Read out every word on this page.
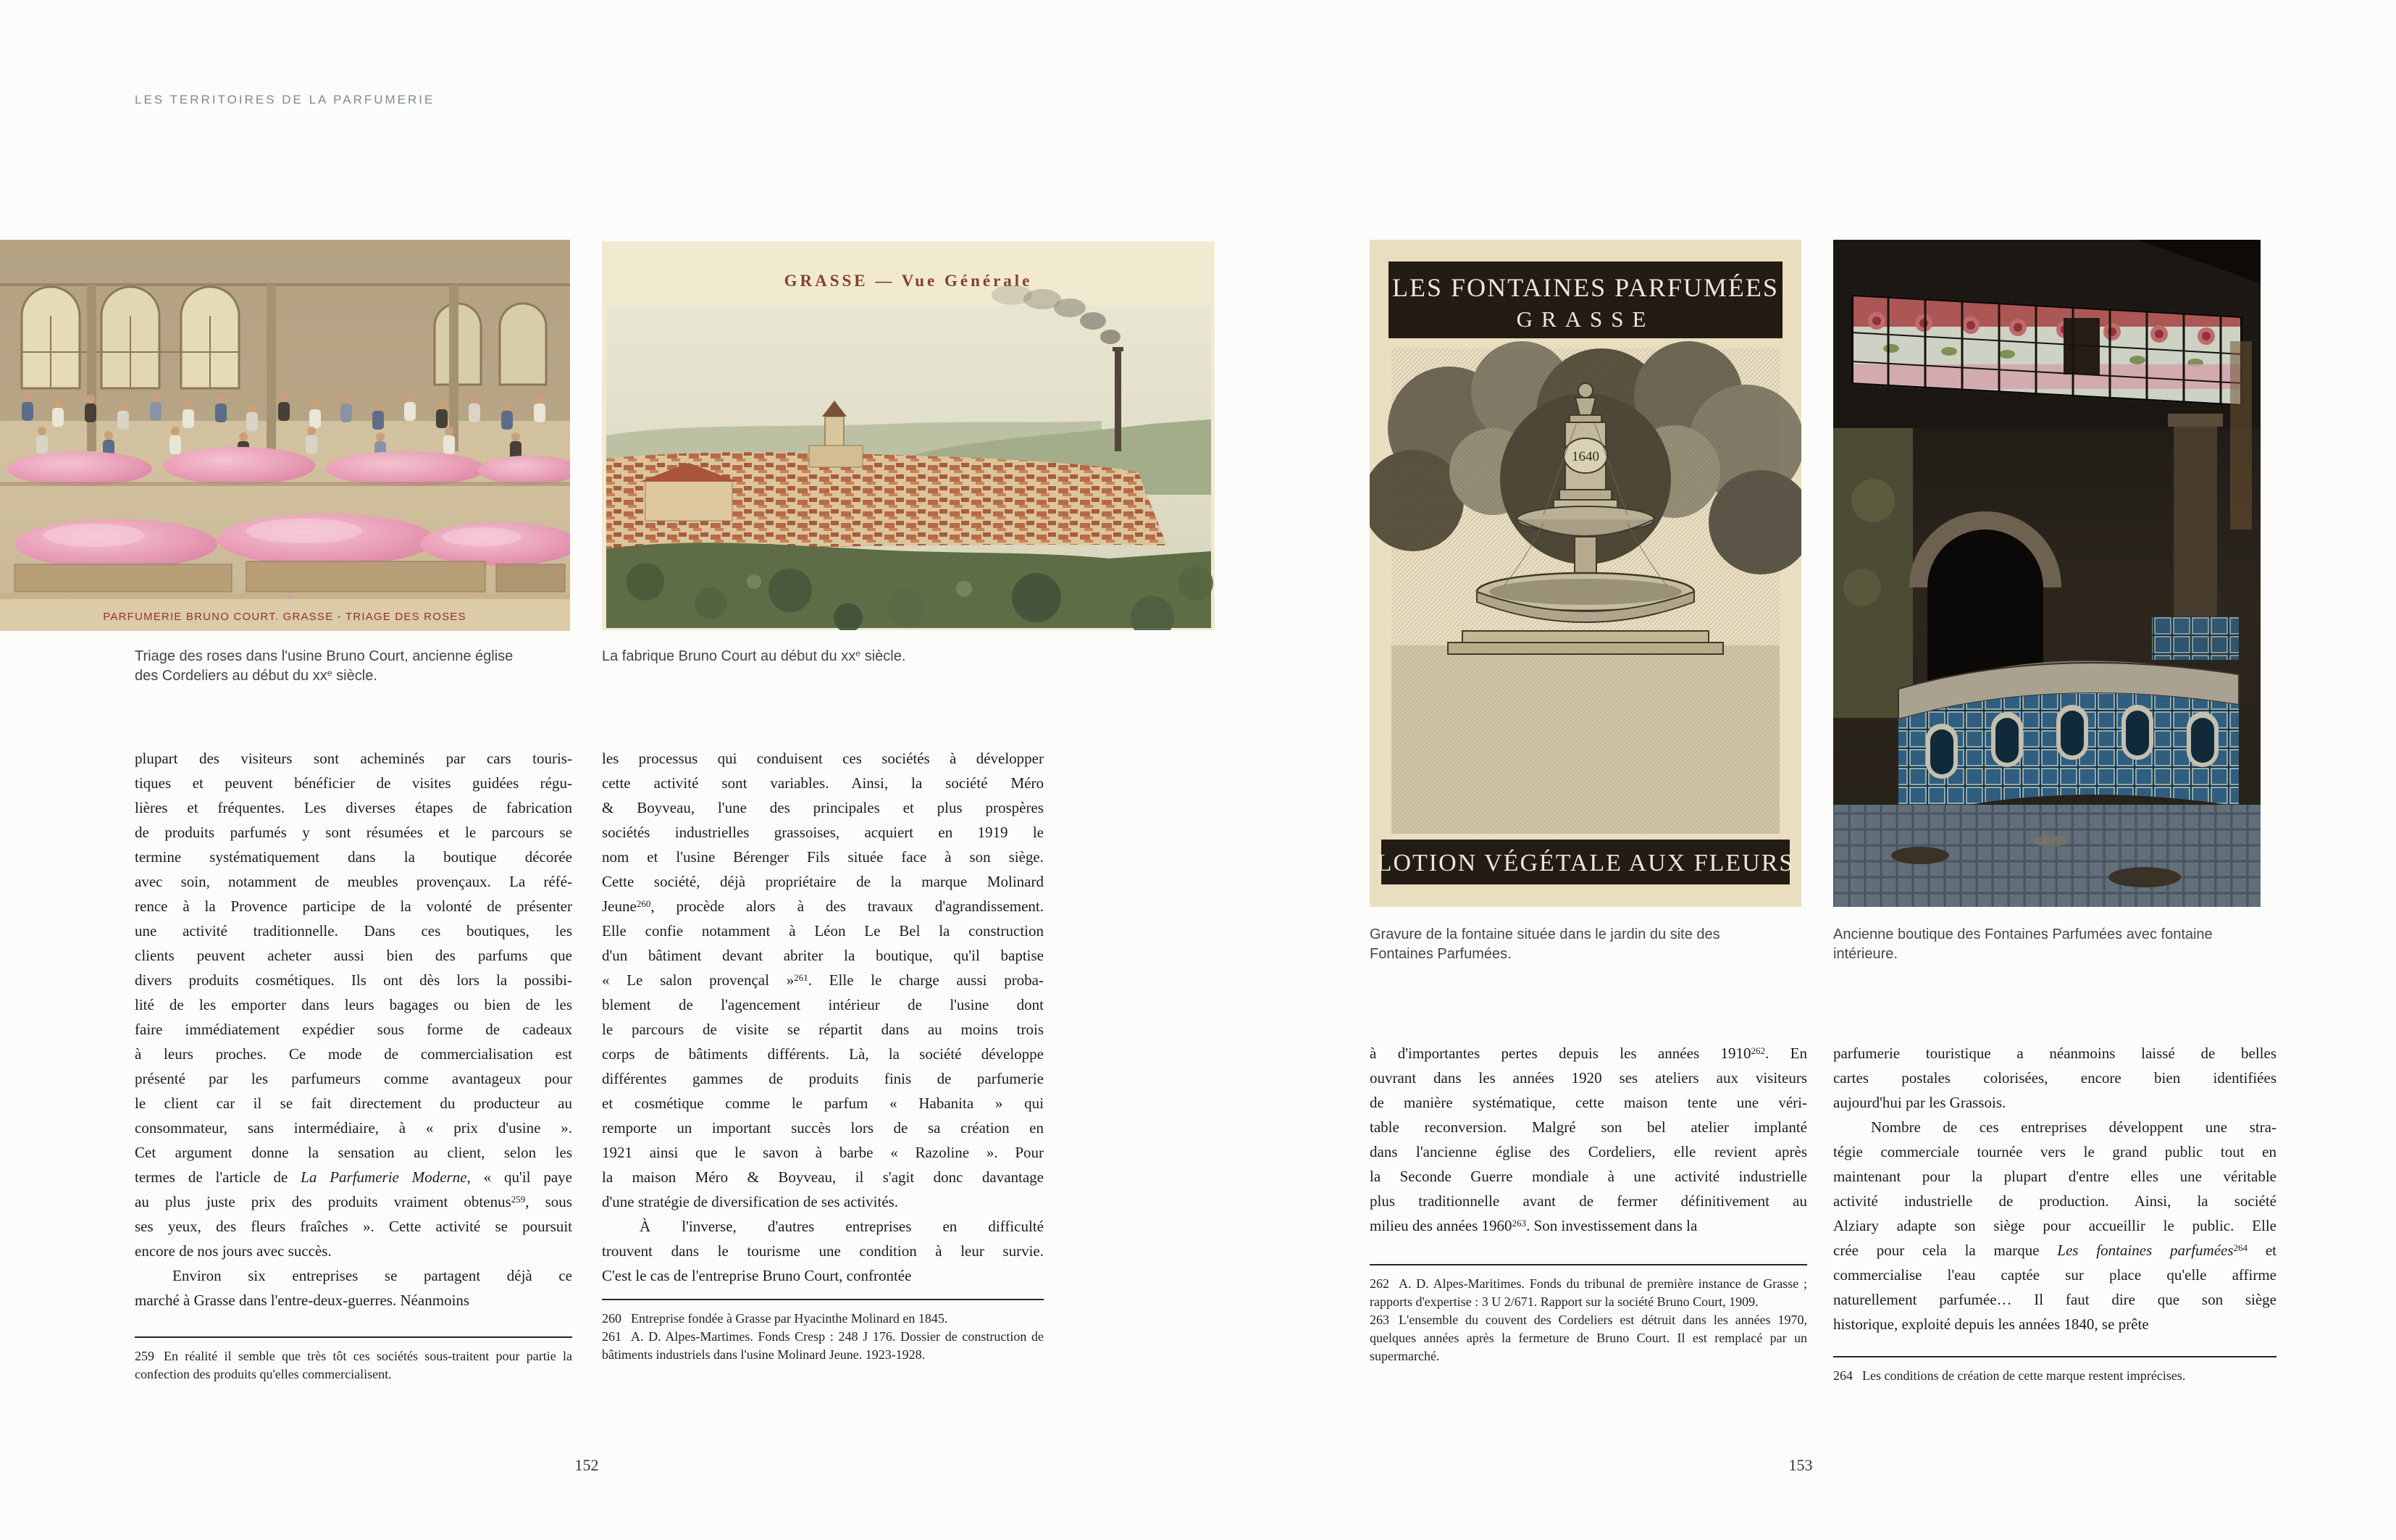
LES TERRITOIRES DE LA PARFUMERIE
PARFUMERIE BRUNO COURT. GRASSE - TRIAGE DES ROSES
GRASSE — Vue Générale	LES FONTAINES PARFUMÉES
GRASSE
1640
LOTION VÉGÉTALE AUX FLEURS
Triage des roses dans l'usine Bruno Court, ancienne église des Cordeliers au début du $xx^e$ siècle.
La fabrique Bruno Court au début du $xx^e$ siècle.
Gravure de la fontaine située dans le jardin du site des Fontaines Parfumées.
Ancienne boutique des Fontaines Parfumées avec fontaine intérieure.
plupart des visiteurs sont acheminés par cars touris-
tiques et peuvent bénéficier de visites guidées régu-
lières et fréquentes. Les diverses étapes de fabrication
de produits parfumés y sont résumées et le parcours se
termine systématiquement dans la boutique décorée
avec soin, notamment de meubles provençaux. La réfé-
rence à la Provence participe de la volonté de présenter
une activité traditionnelle. Dans ces boutiques, les
clients peuvent acheter aussi bien des parfums que
divers produits cosmétiques. Ils ont dès lors la possibi-
lité de les emporter dans leurs bagages ou bien de les
faire immédiatement expédier sous forme de cadeaux
à leurs proches. Ce mode de commercialisation est
présenté par les parfumeurs comme avantageux pour
le client car il se fait directement du producteur au
consommateur, sans intermédiaire, à « prix d'usine ».
Cet argument donne la sensation au client, selon les
termes de l'article de La Parfumerie Moderne, « qu'il paye
au plus juste prix des produits vraiment obtenus$^{259}$, sous
ses yeux, des fleurs fraîches ». Cette activité se poursuit
encore de nos jours avec succès.
Environ six entreprises se partagent déjà ce
marché à Grasse dans l'entre-deux-guerres. Néanmoins
les processus qui conduisent ces sociétés à développer
cette activité sont variables. Ainsi, la société Méro
& Boyveau, l'une des principales et plus prospères
sociétés industrielles grassoises, acquiert en 1919 le
nom et l'usine Bérenger Fils située face à son siège.
Cette société, déjà propriétaire de la marque Molinard
Jeune$^{260}$, procède alors à des travaux d'agrandissement.
Elle confie notamment à Léon Le Bel la construction
d'un bâtiment devant abriter la boutique, qu'il baptise
« Le salon provençal »$^{261}$. Elle le charge aussi proba-
blement de l'agencement intérieur de l'usine dont
le parcours de visite se répartit dans au moins trois
corps de bâtiments différents. Là, la société développe
différentes gammes de produits finis de parfumerie
et cosmétique comme le parfum « Habanita » qui
remporte un important succès lors de sa création en
1921 ainsi que le savon à barbe « Razoline ». Pour
la maison Méro & Boyveau, il s'agit donc davantage
d'une stratégie de diversification de ses activités.
À l'inverse, d'autres entreprises en difficulté
trouvent dans le tourisme une condition à leur survie.
C'est le cas de l'entreprise Bruno Court, confrontée
à d'importantes pertes depuis les années 1910$^{262}$. En
ouvrant dans les années 1920 ses ateliers aux visiteurs
de manière systématique, cette maison tente une véri-
table reconversion. Malgré son bel atelier implanté
dans l'ancienne église des Cordeliers, elle revient après
la Seconde Guerre mondiale à une activité industrielle
plus traditionnelle avant de fermer définitivement au
milieu des années 1960$^{263}$. Son investissement dans la
parfumerie touristique a néanmoins laissé de belles
cartes postales colorisées, encore bien identifiées
aujourd'hui par les Grassois.
Nombre de ces entreprises développent une stra-
tégie commerciale tournée vers le grand public tout en
maintenant pour la plupart d'entre elles une véritable
activité industrielle de production. Ainsi, la société
Alziary adapte son siège pour accueillir le public. Elle
crée pour cela la marque Les fontaines parfumées$^{264}$ et
commercialise l'eau captée sur place qu'elle affirme
naturellement parfumée… Il faut dire que son siège
historique, exploité depuis les années 1840, se prête
259 En réalité il semble que très tôt ces sociétés sous-traitent pour partie la confection des produits qu'elles commercialisent.
260 Entreprise fondée à Grasse par Hyacinthe Molinard en 1845.
261 A. D. Alpes-Martimes. Fonds Cresp : 248 J 176. Dossier de construction de bâtiments industriels dans l'usine Molinard Jeune. 1923-1928.
262 A. D. Alpes-Maritimes. Fonds du tribunal de première instance de Grasse ; rapports d'expertise : 3 U 2/671. Rapport sur la société Bruno Court, 1909.
263 L'ensemble du couvent des Cordeliers est détruit dans les années 1970, quelques années après la fermeture de Bruno Court. Il est remplacé par un supermarché.
264 Les conditions de création de cette marque restent imprécises.
152	153
